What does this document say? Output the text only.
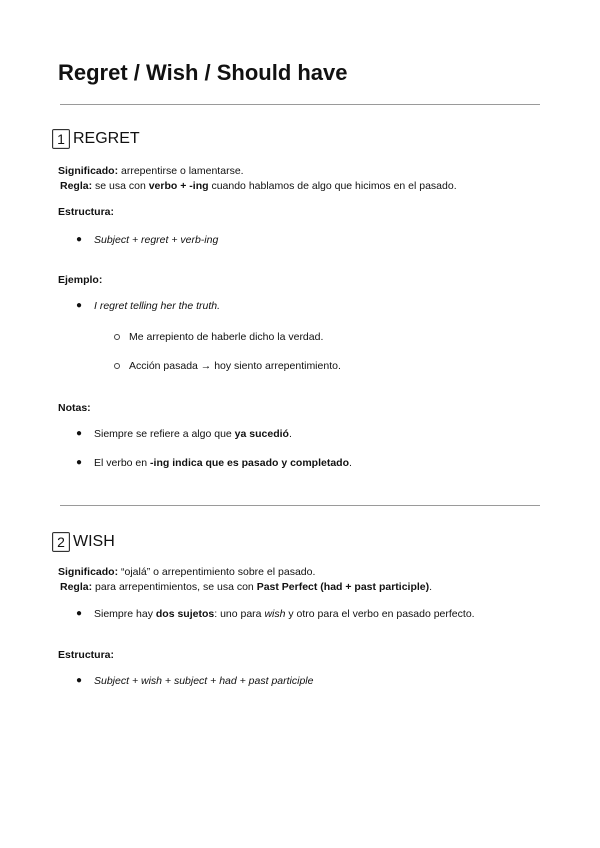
Regret / Wish / Should have
1 REGRET
Significado: arrepentirse o lamentarse.
Regla: se usa con verbo + -ing cuando hablamos de algo que hicimos en el pasado.
Estructura:
● Subject + regret + verb-ing
Ejemplo:
● I regret telling her the truth.
Me arrepiento de haberle dicho la verdad.
Acción pasada → hoy siento arrepentimiento.
Notas:
● Siempre se refiere a algo que ya sucedió.
● El verbo en -ing indica que es pasado y completado.
2 WISH
Significado: “ojalá” o arrepentimiento sobre el pasado.
Regla: para arrepentimientos, se usa con Past Perfect (had + past participle).
● Siempre hay dos sujetos: uno para wish y otro para el verbo en pasado perfecto.
Estructura:
● Subject + wish + subject + had + past participle
